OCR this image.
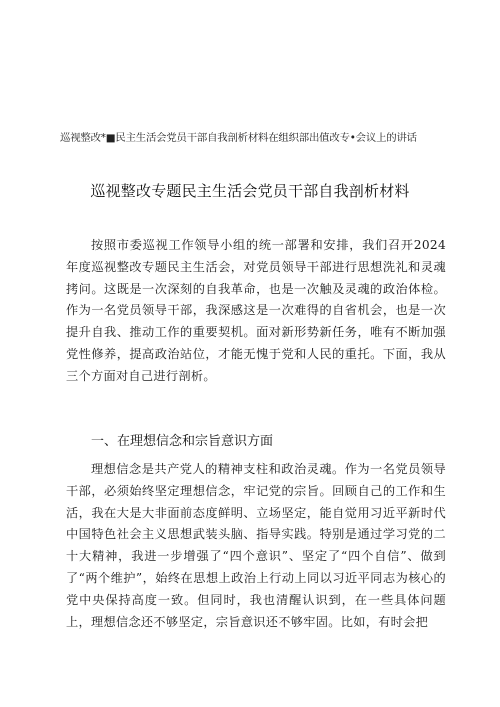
巡视整改*■民主生活会党员干部自我剖析材料在组织部出值改专•会议上的讲话
巡视整改专题民主生活会党员干部自我剖析材料

按照市委巡视工作领导小组的统一部署和安排，我们召开2024年度巡视整改专题民主生活会，对党员领导干部进行思想洗礼和灵魂拷问。这既是一次深刻的自我革命，也是一次触及灵魂的政治体检。作为一名党员领导干部，我深感这是一次难得的自省机会，也是一次提升自我、推动工作的重要契机。面对新形势新任务，唯有不断加强党性修养，提高政治站位，才能无愧于党和人民的重托。下面，我从三个方面对自己进行剖析。

一、在理想信念和宗旨意识方面

理想信念是共产党人的精神支柱和政治灵魂。作为一名党员领导干部，必须始终坚定理想信念，牢记党的宗旨。回顾自己的工作和生活，我在大是大非面前态度鲜明、立场坚定，能自觉用习近平新时代中国特色社会主义思想武装头脑、指导实践。特别是通过学习党的二十大精神，我进一步增强了“四个意识”、坚定了“四个自信”、做到了“两个维护”，始终在思想上政治上行动上同以习近平同志为核心的党中央保持高度一致。但同时，我也清醒认识到，在一些具体问题上，理想信念还不够坚定，宗旨意识还不够牢固。比如，有时会把
